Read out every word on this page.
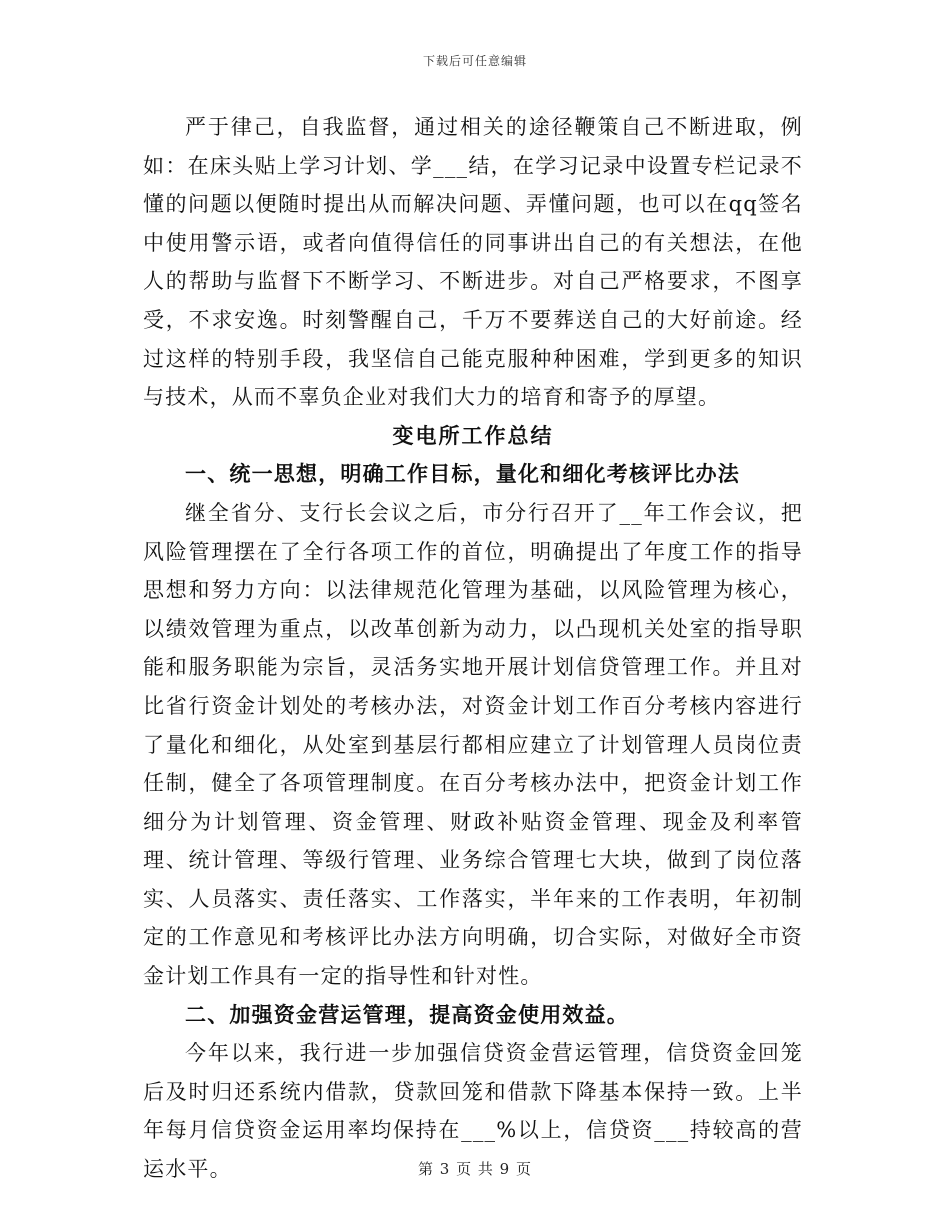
下载后可任意编辑

严于律己，自我监督，通过相关的途径鞭策自己不断进取，例如：在床头贴上学习计划、学___结，在学习记录中设置专栏记录不懂的问题以便随时提出从而解决问题、弄懂问题，也可以在qq签名中使用警示语，或者向值得信任的同事讲出自己的有关想法，在他人的帮助与监督下不断学习、不断进步。对自己严格要求，不图享受，不求安逸。时刻警醒自己，千万不要葬送自己的大好前途。经过这样的特别手段，我坚信自己能克服种种困难，学到更多的知识与技术，从而不辜负企业对我们大力的培育和寄予的厚望。

变电所工作总结

一、统一思想，明确工作目标，量化和细化考核评比办法

继全省分、支行长会议之后，市分行召开了__年工作会议，把风险管理摆在了全行各项工作的首位，明确提出了年度工作的指导思想和努力方向：以法律规范化管理为基础，以风险管理为核心，以绩效管理为重点，以改革创新为动力，以凸现机关处室的指导职能和服务职能为宗旨，灵活务实地开展计划信贷管理工作。并且对比省行资金计划处的考核办法，对资金计划工作百分考核内容进行了量化和细化，从处室到基层行都相应建立了计划管理人员岗位责任制，健全了各项管理制度。在百分考核办法中，把资金计划工作细分为计划管理、资金管理、财政补贴资金管理、现金及利率管理、统计管理、等级行管理、业务综合管理七大块，做到了岗位落实、人员落实、责任落实、工作落实，半年来的工作表明，年初制定的工作意见和考核评比办法方向明确，切合实际，对做好全市资金计划工作具有一定的指导性和针对性。

二、加强资金营运管理，提高资金使用效益。

今年以来，我行进一步加强信贷资金营运管理，信贷资金回笼后及时归还系统内借款，贷款回笼和借款下降基本保持一致。上半年每月信贷资金运用率均保持在___%以上，信贷资___持较高的营运水平。	第 3 页 共 9 页
